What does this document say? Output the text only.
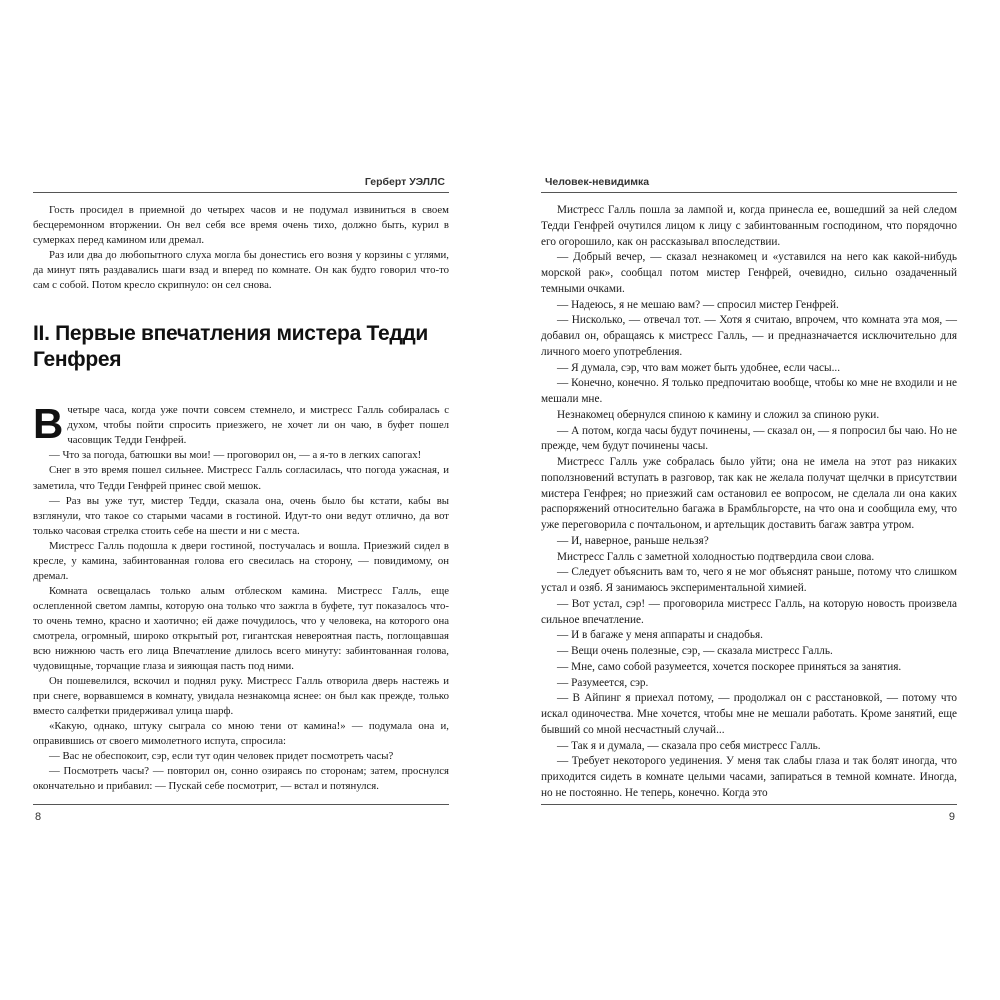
Герберт УЭЛЛС

Гость просидел в приемной до четырех часов и не подумал извиниться в своем бесцеремонном вторжении. Он вел себя все время очень тихо, должно быть, курил в сумерках перед камином или дремал.

Раз или два до любопытного слуха могла бы донестись его возня у корзины с углями, да минут пять раздавались шаги взад и вперед по комнате. Он как будто говорил что-то сам с собой. Потом кресло скрипнуло: он сел снова.

II. Первые впечатления мистера Тедди Генфрея

Вчетыре часа, когда уже почти совсем стемнело, и мистресс Галль собиралась с духом, чтобы пойти спросить приезжего, не хочет ли он чаю, в буфет пошел часовщик Тедди Генфрей.

— Что за погода, батюшки вы мои! — проговорил он, — а я-то в легких сапогах!

Снег в это время пошел сильнее. Мистресс Галль согласилась, что погода ужасная, и заметила, что Тедди Генфрей принес свой мешок.

— Раз вы уже тут, мистер Тедди, сказала она, очень было бы кстати, кабы вы взглянули, что такое со старыми часами в гостиной. Идут-то они ведут отлично, да вот только часовая стрелка стоить себе на шести и ни с места.

Мистресс Галль подошла к двери гостиной, постучалась и вошла. Приезжий сидел в кресле, у камина, забинтованная голова его свесилась на сторону, — повидимому, он дремал.

Комната освещалась только алым отблеском камина. Мистресс Галль, еще ослепленной светом лампы, которую она только что зажгла в буфете, тут показалось что-то очень темно, красно и хаотично; ей даже почудилось, что у человека, на которого она смотрела, огромный, широко открытый рот, гигантская невероятная пасть, поглощавшая всю нижнюю часть его лица Впечатление длилось всего минуту: забинтованная голова, чудовищные, торчащие глаза и зияющая пасть под ними.

Он пошевелился, вскочил и поднял руку. Мистресс Галль отворила дверь настежь и при снеге, ворвавшемся в комнату, увидала незнакомца яснее: он был как прежде, только вместо салфетки придерживал улица шарф.

«Какую, однако, штуку сыграла со мною тени от камина!» — подумала она и, оправившись от своего мимолетного испута, спросила:

— Вас не обеспокоит, сэр, если тут один человек придет посмотреть часы?

— Посмотреть часы? — повторил он, сонно озираясь по сторонам; затем, проснулся окончательно и прибавил: — Пускай себе посмотрит, — встал и потянулся.

Человек-невидимка

Мистресс Галль пошла за лампой и, когда принесла ее, вошедший за ней следом Тедди Генфрей очутился лицом к лицу с забинтованным господином, что порядочно его огорошило, как он рассказывал впоследствии.

— Добрый вечер, — сказал незнакомец и «уставился на него как какой-нибудь морской рак», сообщал потом мистер Генфрей, очевидно, сильно озадаченный темными очками.

— Надеюсь, я не мешаю вам? — спросил мистер Генфрей.

— Нисколько, — отвечал тот. — Хотя я считаю, впрочем, что комната эта моя, — добавил он, обращаясь к мистресс Галль, — и предназначается исключительно для личного моего употребления.

— Я думала, сэр, что вам может быть удобнее, если часы...

— Конечно, конечно. Я только предпочитаю вообще, чтобы ко мне не входили и не мешали мне.

Незнакомец обернулся спиною к камину и сложил за спиною руки.

— А потом, когда часы будут починены, — сказал он, — я попросил бы чаю. Но не прежде, чем будут починены часы.

Мистресс Галль уже собралась было уйти; она не имела на этот раз никаких поползновений вступать в разговор, так как не желала получат щелчки в присутствии мистера Генфрея; но приезжий сам остановил ее вопросом, не сделала ли она каких распоряжений относительно багажа в Брамбльгорсте, на что она и сообщила ему, что уже переговорила с почтальоном, и артельщик доставить багаж завтра утром.

— И, наверное, раньше нельзя?

Мистресс Галль с заметной холодностью подтвердила свои слова.

— Следует объяснить вам то, чего я не мог объяснят раньше, потому что слишком устал и озяб. Я занимаюсь экспериментальной химией.

— Вот устал, сэр! — проговорила мистресс Галль, на которую новость произвела сильное впечатление.

— И в багаже у меня аппараты и снадобья.

— Вещи очень полезные, сэр, — сказала мистресс Галль.

— Мне, само собой разумеется, хочется поскорее приняться за занятия.

— Разумеется, сэр.

— В Айпинг я приехал потому, — продолжал он с расстановкой, — потому что искал одиночества. Мне хочется, чтобы мне не мешали работать. Кроме занятий, еще бывший со мной несчастный случай...

— Так я и думала, — сказала про себя мистресс Галль.

— Требует некоторого уединения. У меня так слабы глаза и так болят иногда, что приходится сидеть в комнате целыми часами, запираться в темной комнате. Иногда, но не постоянно. Не теперь, конечно. Когда это

8	9
